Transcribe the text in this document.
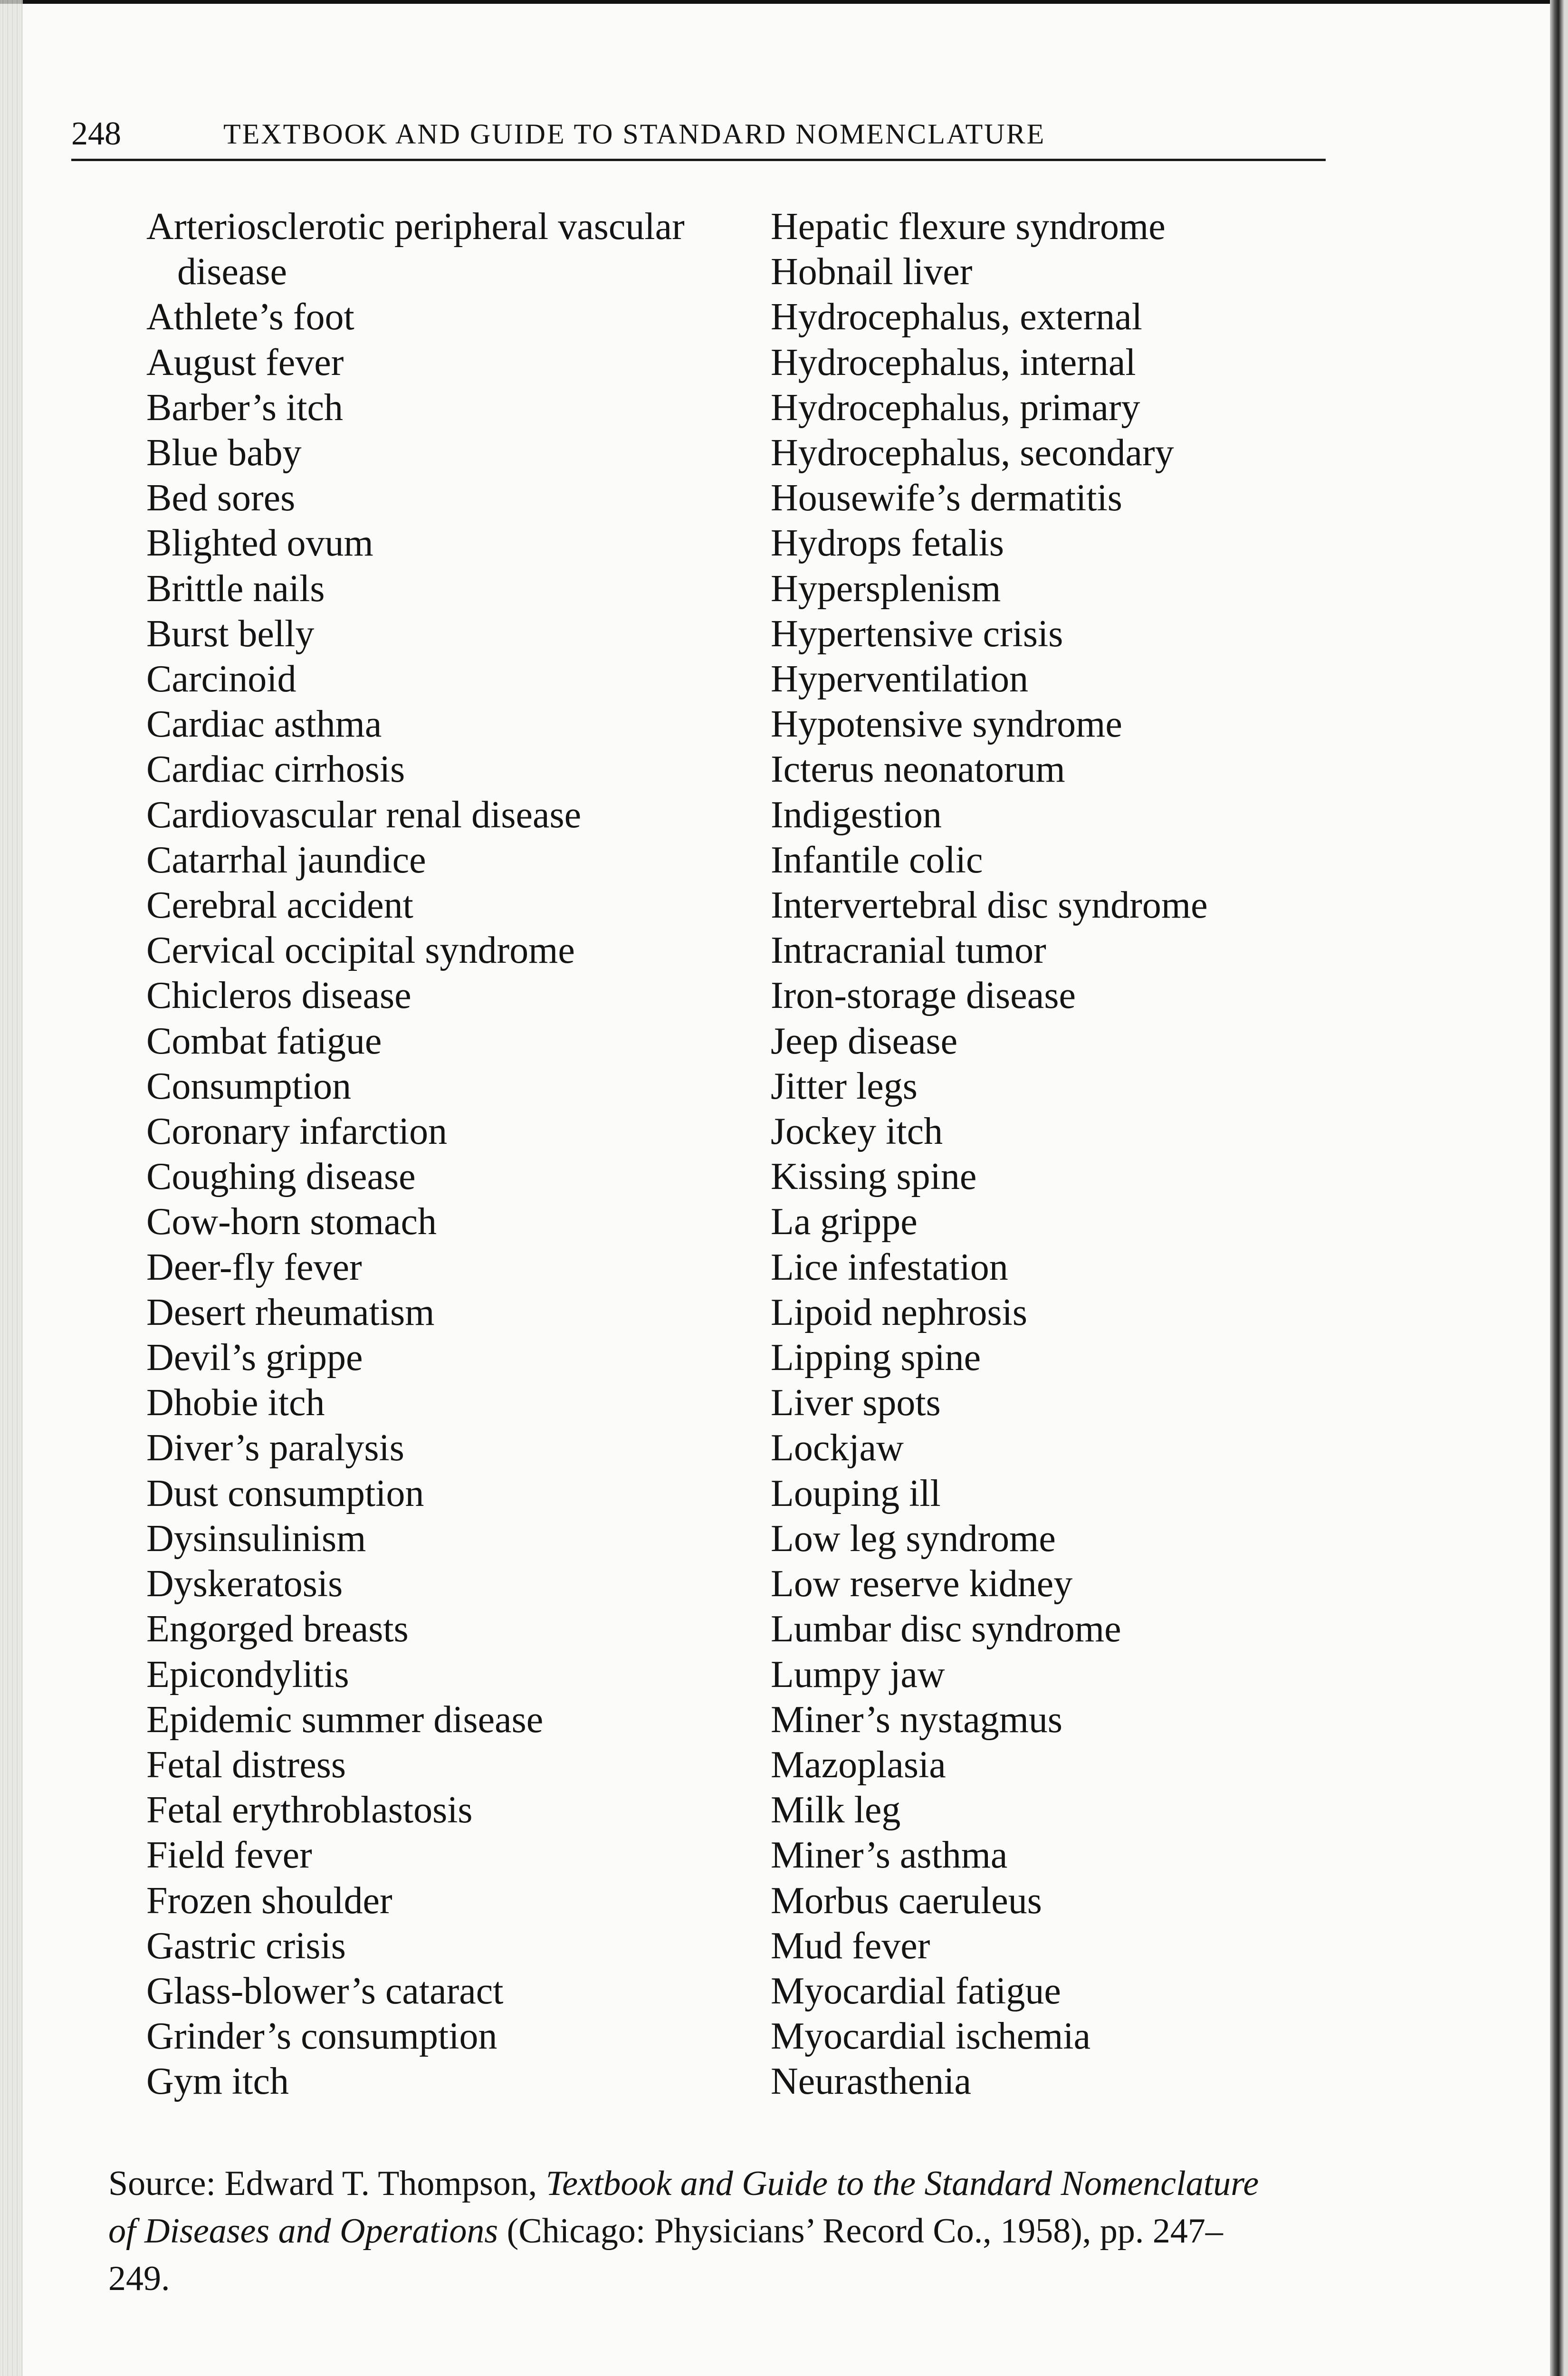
248	TEXTBOOK AND GUIDE TO STANDARD NOMENCLATURE
Arteriosclerotic peripheral vascular disease
Athlete’s foot
August fever
Barber’s itch
Blue baby
Bed sores
Blighted ovum
Brittle nails
Burst belly
Carcinoid
Cardiac asthma
Cardiac cirrhosis
Cardiovascular renal disease
Catarrhal jaundice
Cerebral accident
Cervical occipital syndrome
Chicleros disease
Combat fatigue
Consumption
Coronary infarction
Coughing disease
Cow-horn stomach
Deer-fly fever
Desert rheumatism
Devil’s grippe
Dhobie itch
Diver’s paralysis
Dust consumption
Dysinsulinism
Dyskeratosis
Engorged breasts
Epicondylitis
Epidemic summer disease
Fetal distress
Fetal erythroblastosis
Field fever
Frozen shoulder
Gastric crisis
Glass-blower’s cataract
Grinder’s consumption
Gym itch
Hepatic flexure syndrome
Hobnail liver
Hydrocephalus, external
Hydrocephalus, internal
Hydrocephalus, primary
Hydrocephalus, secondary
Housewife’s dermatitis
Hydrops fetalis
Hypersplenism
Hypertensive crisis
Hyperventilation
Hypotensive syndrome
Icterus neonatorum
Indigestion
Infantile colic
Intervertebral disc syndrome
Intracranial tumor
Iron-storage disease
Jeep disease
Jitter legs
Jockey itch
Kissing spine
La grippe
Lice infestation
Lipoid nephrosis
Lipping spine
Liver spots
Lockjaw
Louping ill
Low leg syndrome
Low reserve kidney
Lumbar disc syndrome
Lumpy jaw
Miner’s nystagmus
Mazoplasia
Milk leg
Miner’s asthma
Morbus caeruleus
Mud fever
Myocardial fatigue
Myocardial ischemia
Neurasthenia
Source: Edward T. Thompson, Textbook and Guide to the Standard Nomenclature of Diseases and Operations (Chicago: Physicians’ Record Co., 1958), pp. 247–249.
